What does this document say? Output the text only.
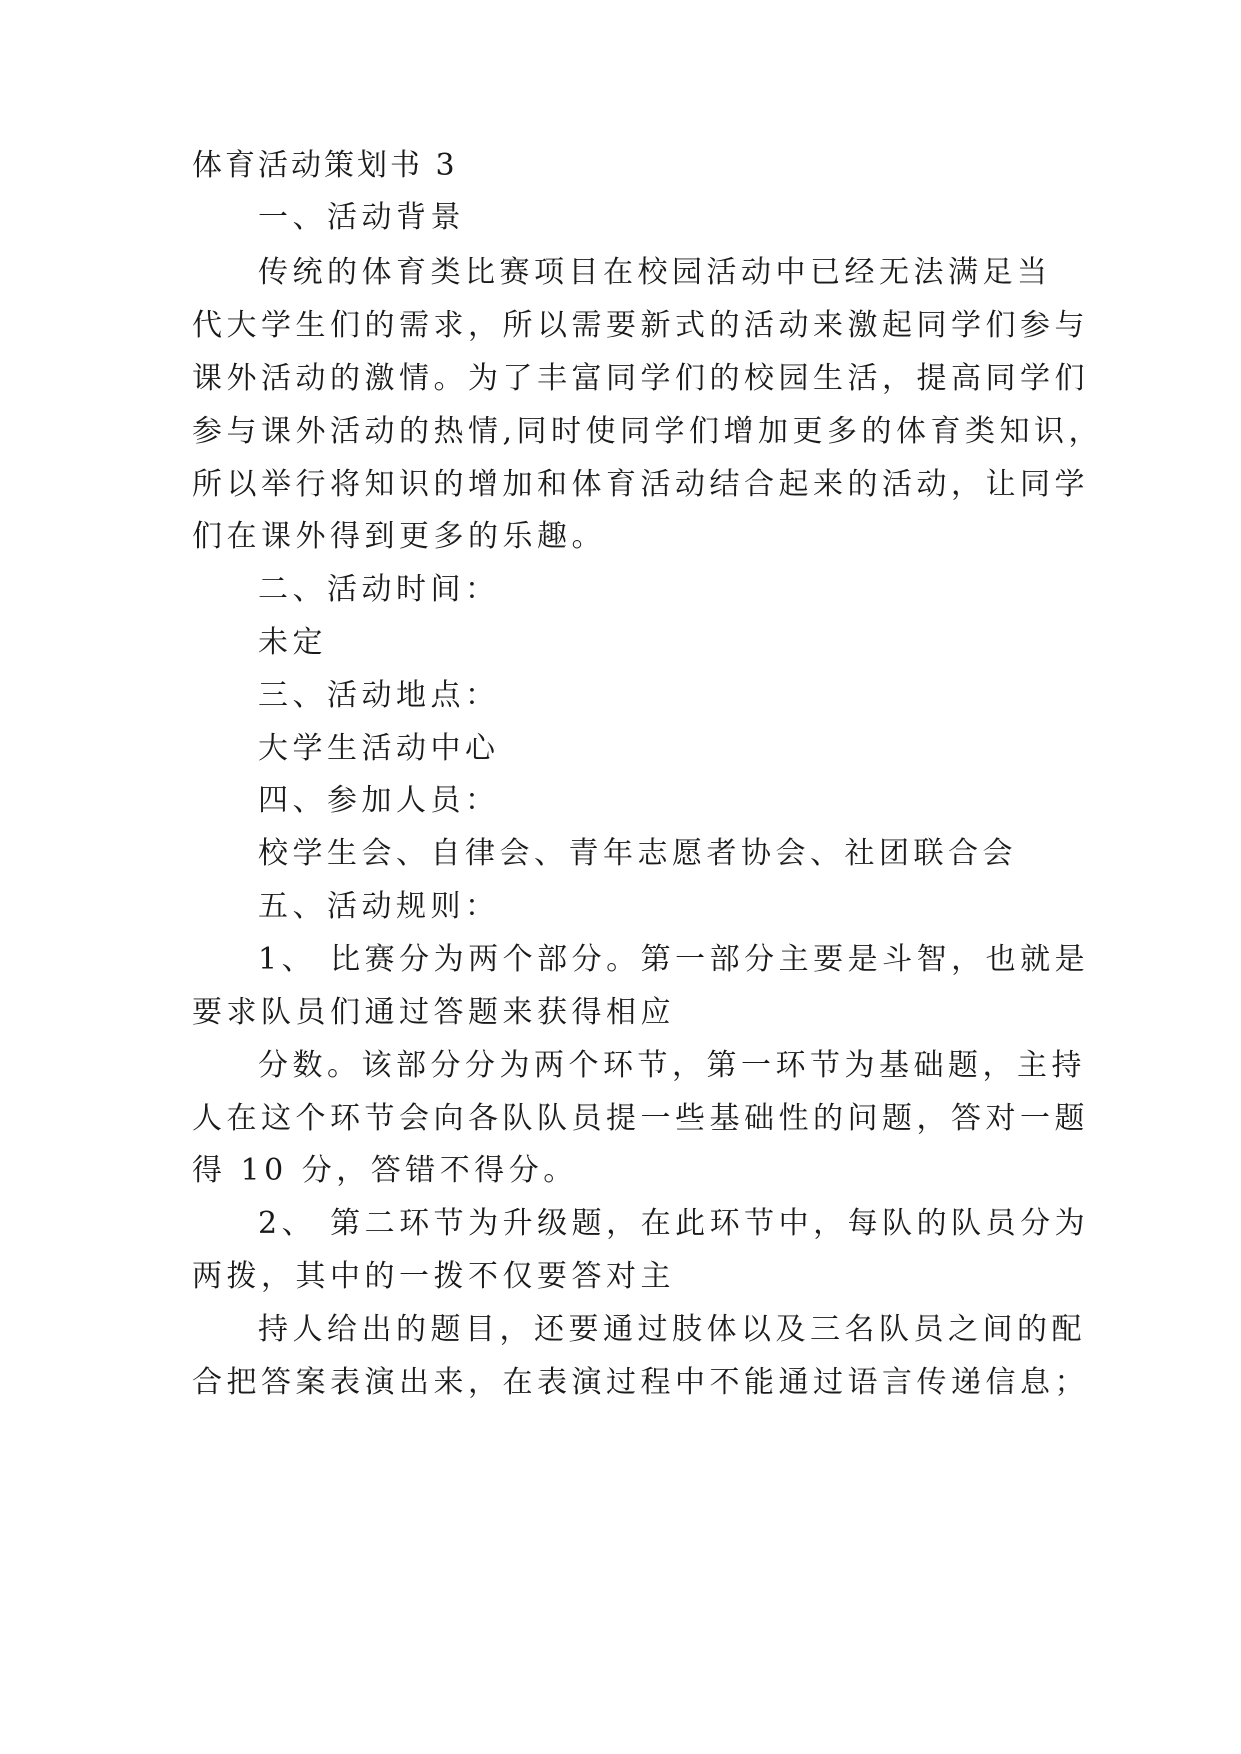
体育活动策划书 3
一、活动背景
传统的体育类比赛项目在校园活动中已经无法满足当
代大学生们的需求，所以需要新式的活动来激起同学们参与
课外活动的激情。为了丰富同学们的校园生活，提高同学们
参与课外活动的热情,同时使同学们增加更多的体育类知识，
所以举行将知识的增加和体育活动结合起来的活动，让同学
们在课外得到更多的乐趣。
二、活动时间：
未定
三、活动地点：
大学生活动中心
四、参加人员：
校学生会、自律会、青年志愿者协会、社团联合会
五、活动规则：
1、 比赛分为两个部分。第一部分主要是斗智，也就是
要求队员们通过答题来获得相应
分数。该部分分为两个环节，第一环节为基础题，主持
人在这个环节会向各队队员提一些基础性的问题，答对一题
得 10 分，答错不得分。
2、 第二环节为升级题，在此环节中，每队的队员分为
两拨，其中的一拨不仅要答对主
持人给出的题目，还要通过肢体以及三名队员之间的配
合把答案表演出来，在表演过程中不能通过语言传递信息；
